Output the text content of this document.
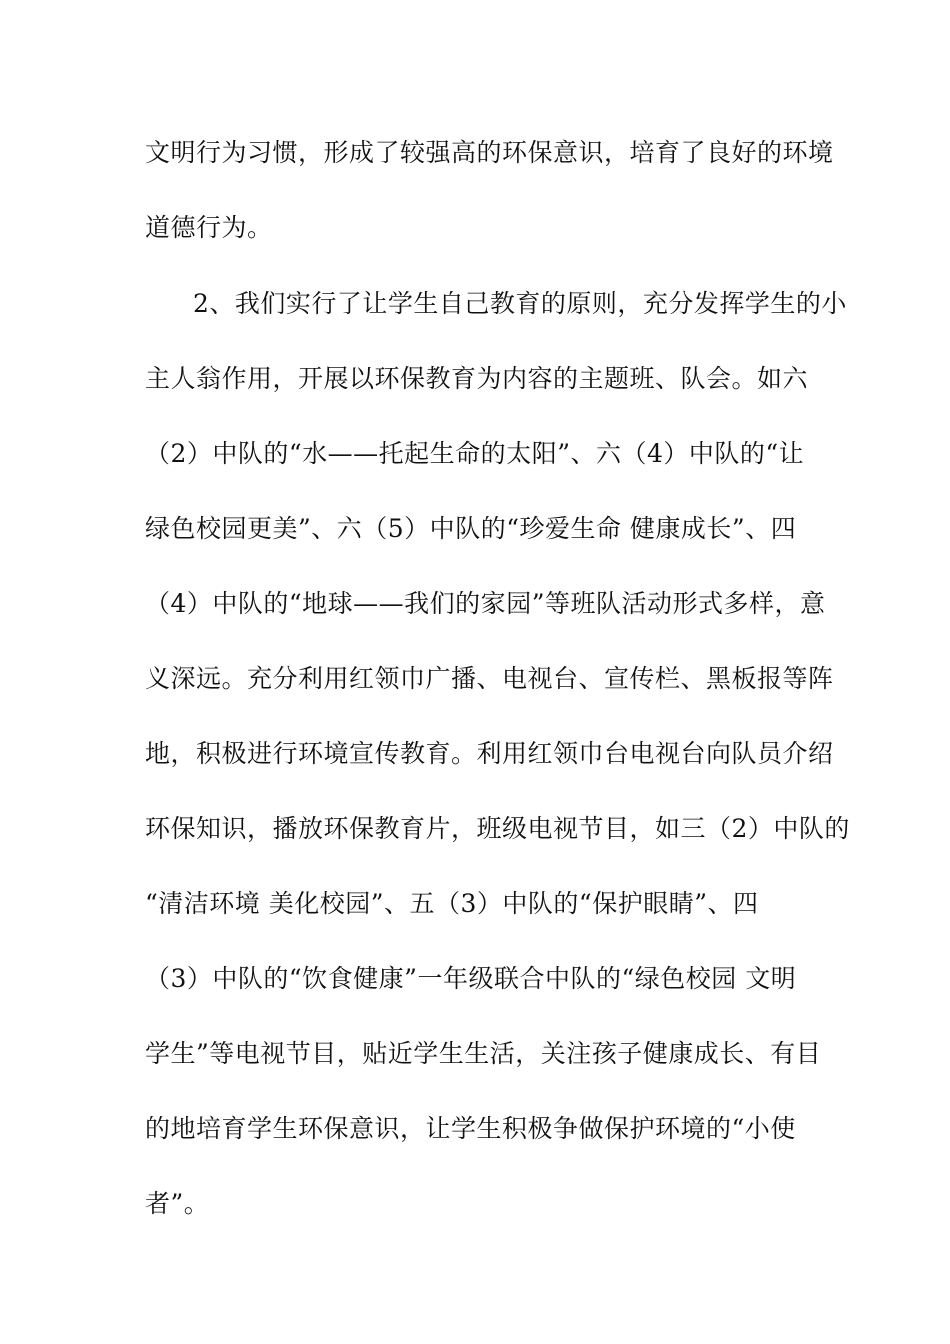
文明行为习惯，形成了较强高的环保意识，培育了良好的环境
道德行为。
2、我们实行了让学生自己教育的原则，充分发挥学生的小
主人翁作用，开展以环保教育为内容的主题班、队会。如六
（2）中队的“水——托起生命的太阳”、六（4）中队的“让
绿色校园更美”、六（5）中队的“珍爱生命 健康成长”、四
（4）中队的“地球——我们的家园”等班队活动形式多样，意
义深远。充分利用红领巾广播、电视台、宣传栏、黑板报等阵
地，积极进行环境宣传教育。利用红领巾台电视台向队员介绍
环保知识，播放环保教育片，班级电视节目，如三（2）中队的
“清洁环境 美化校园”、五（3）中队的“保护眼睛”、四
（3）中队的“饮食健康”一年级联合中队的“绿色校园 文明
学生”等电视节目，贴近学生生活，关注孩子健康成长、有目
的地培育学生环保意识，让学生积极争做保护环境的“小使
者”。
